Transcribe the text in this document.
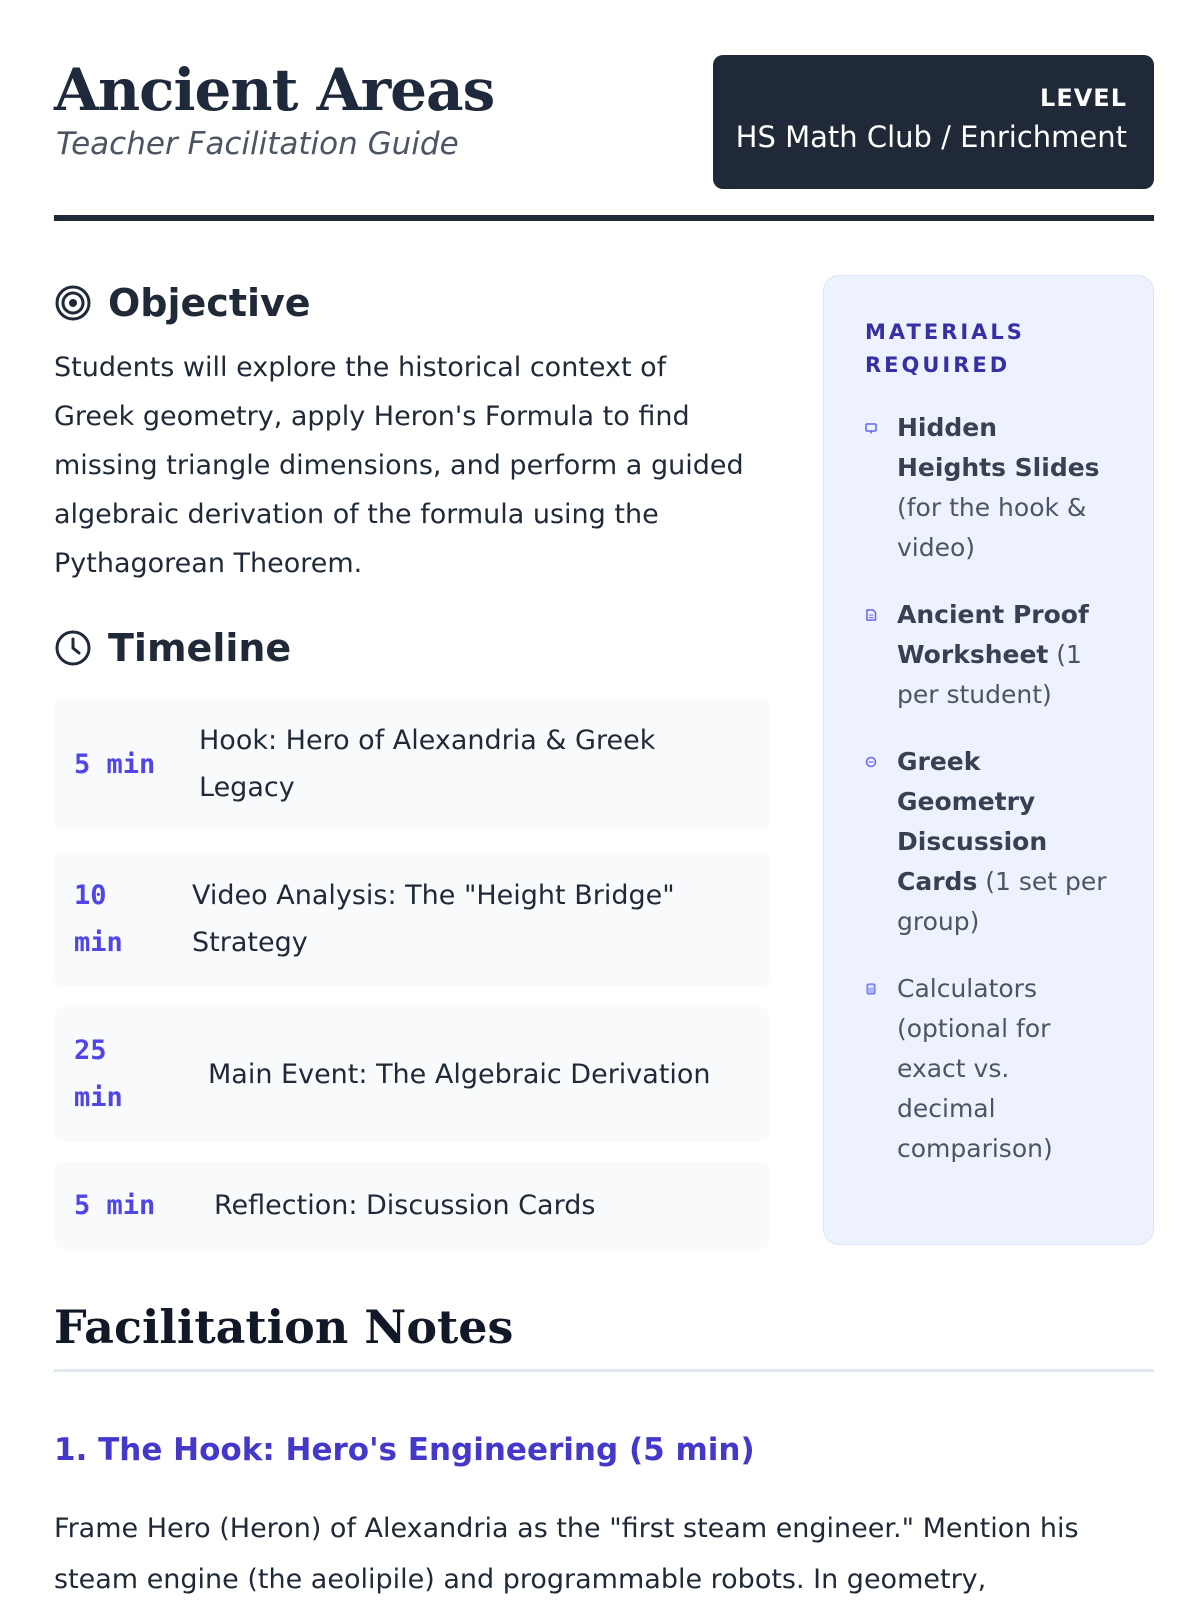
Ancient Areas
Teacher Facilitation Guide
LEVEL
HS Math Club / Enrichment
Objective

Students will explore the historical context of Greek geometry, apply Heron's Formula to find missing triangle dimensions, and perform a guided algebraic derivation of the formula using the Pythagorean Theorem.

Timeline
5 min
Hook: Hero of Alexandria & Greek Legacy
10 min
Video Analysis: The "Height Bridge" Strategy
25 min
Main Event: The Algebraic Derivation
5 min	Reflection: Discussion Cards
MATERIALS REQUIRED
Hidden Heights Slides (for the hook & video)
Ancient Proof Worksheet (1 per student)
Greek Geometry Discussion Cards (1 set per group)
Calculators (optional for exact vs. decimal comparison)
Facilitation Notes
1. The Hook: Hero's Engineering (5 min)

Frame Hero (Heron) of Alexandria as the "first steam engineer." Mention his steam engine (the aeolipile) and programmable robots. In geometry,
